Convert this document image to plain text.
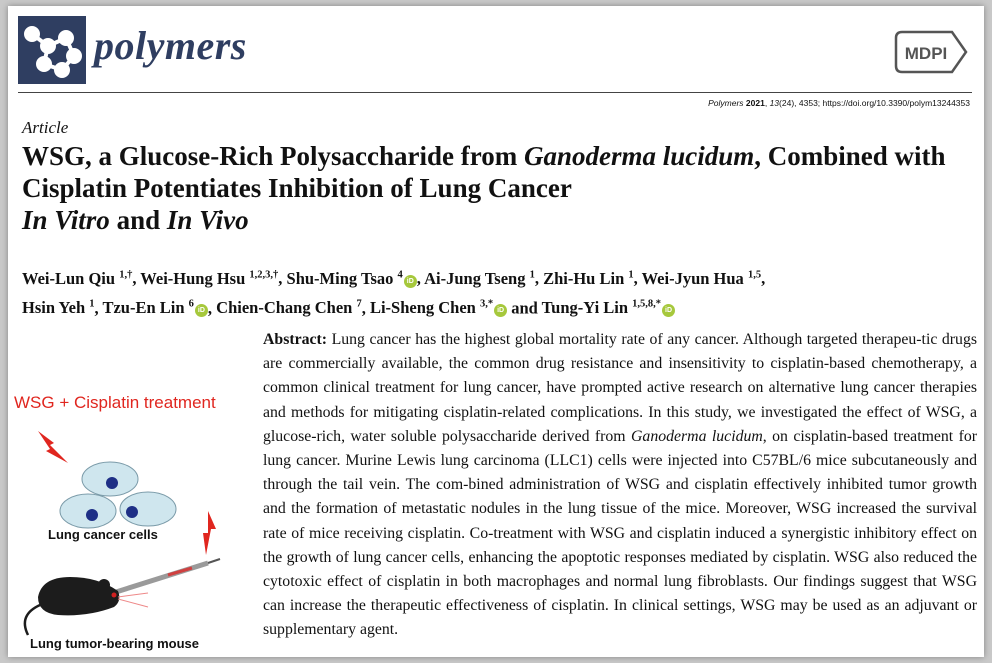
polymers	MDPI
Polymers 2021, 13(24), 4353; https://doi.org/10.3390/polym13244353
Article
WSG, a Glucose-Rich Polysaccharide from Ganoderma lucidum, Combined with Cisplatin Potentiates Inhibition of Lung Cancer
In Vitro and In Vivo
Wei-Lun Qiu $^{1,\dagger}$, Wei-Hung Hsu $^{1,2,3,\dagger}$, Shu-Ming Tsao $^4$iD , Ai-Jung Tseng $^1$, Zhi-Hu Lin $^1$, Wei-Jyun Hua $^{1,5}$,
Hsin Yeh $^1$, Tzu-En Lin $^6$iD , Chien-Chang Chen $^7$, Li-Sheng Chen $^{3,*}$iD and Tung-Yi Lin $^{1,5,8,*}$iD
Abstract: Lung cancer has the highest global mortality rate of any cancer. Although targeted therapeu-tic drugs are commercially available, the common drug resistance and insensitivity to cisplatin-based chemotherapy, a common clinical treatment for lung cancer, have prompted active research on alternative lung cancer therapies and methods for mitigating cisplatin-related complications. In this study, we investigated the effect of WSG, a glucose-rich, water soluble polysaccharide derived from Ganoderma lucidum, on cisplatin-based treatment for lung cancer. Murine Lewis lung carcinoma (LLC1) cells were injected into C57BL/6 mice subcutaneously and through the tail vein. The com-bined administration of WSG and cisplatin effectively inhibited tumor growth and the formation of metastatic nodules in the lung tissue of the mice. Moreover, WSG increased the survival rate of mice receiving cisplatin. Co-treatment with WSG and cisplatin induced a synergistic inhibitory effect on the growth of lung cancer cells, enhancing the apoptotic responses mediated by cisplatin. WSG also reduced the cytotoxic effect of cisplatin in both macrophages and normal lung fibroblasts. Our findings suggest that WSG can increase the therapeutic effectiveness of cisplatin. In clinical settings, WSG may be used as an adjuvant or supplementary agent.
WSG + Cisplatin treatment
Lung cancer cells
Lung tumor-bearing mouse
